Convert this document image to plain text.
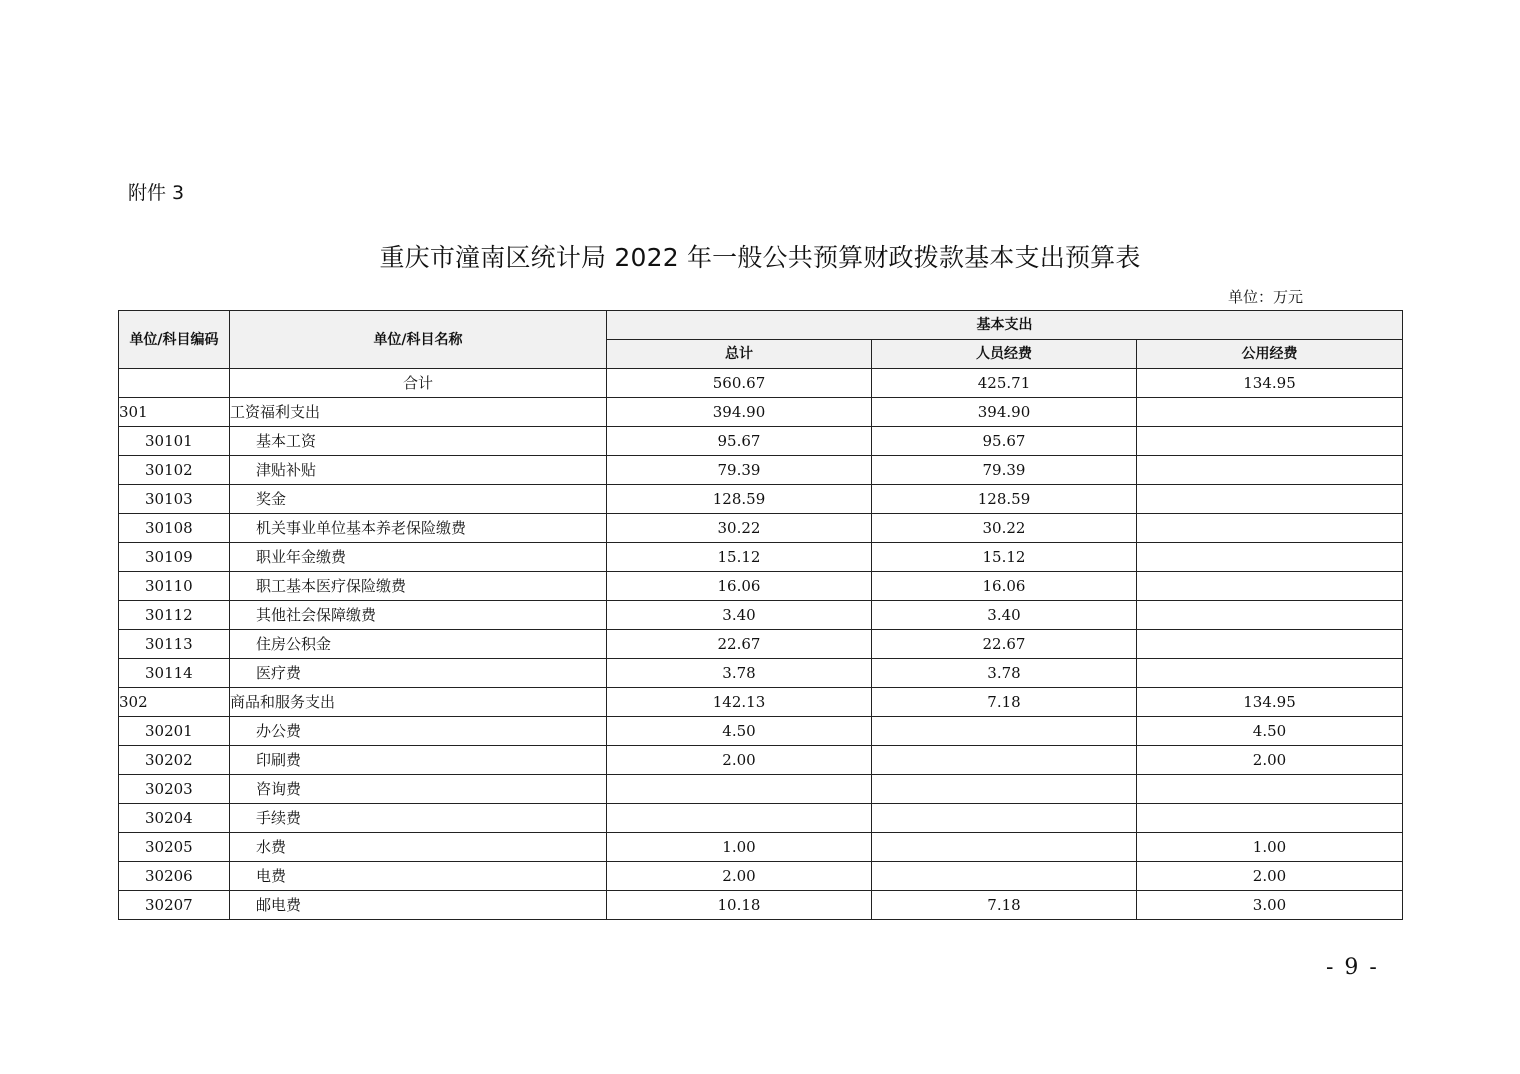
附件 3
重庆市潼南区统计局 2022 年一般公共预算财政拨款基本支出预算表
单位：万元
单位/科目编码	单位/科目名称	基本支出		
		总计	人员经费	公用经费
	合计	560.67	425.71	134.95
301	工资福利支出	394.90	394.90	
30101	基本工资	95.67	95.67	
30102	津贴补贴	79.39	79.39	
30103	奖金	128.59	128.59	
30108	机关事业单位基本养老保险缴费	30.22	30.22	
30109	职业年金缴费	15.12	15.12	
30110	职工基本医疗保险缴费	16.06	16.06	
30112	其他社会保障缴费	3.40	3.40	
30113	住房公积金	22.67	22.67	
30114	医疗费	3.78	3.78	
302	商品和服务支出	142.13	7.18	134.95
30201	办公费	4.50		4.50
30202	印刷费	2.00		2.00
30203	咨询费			
30204	手续费			
30205	水费	1.00		1.00
30206	电费	2.00		2.00
30207	邮电费	10.18	7.18	3.00
- 9 -
